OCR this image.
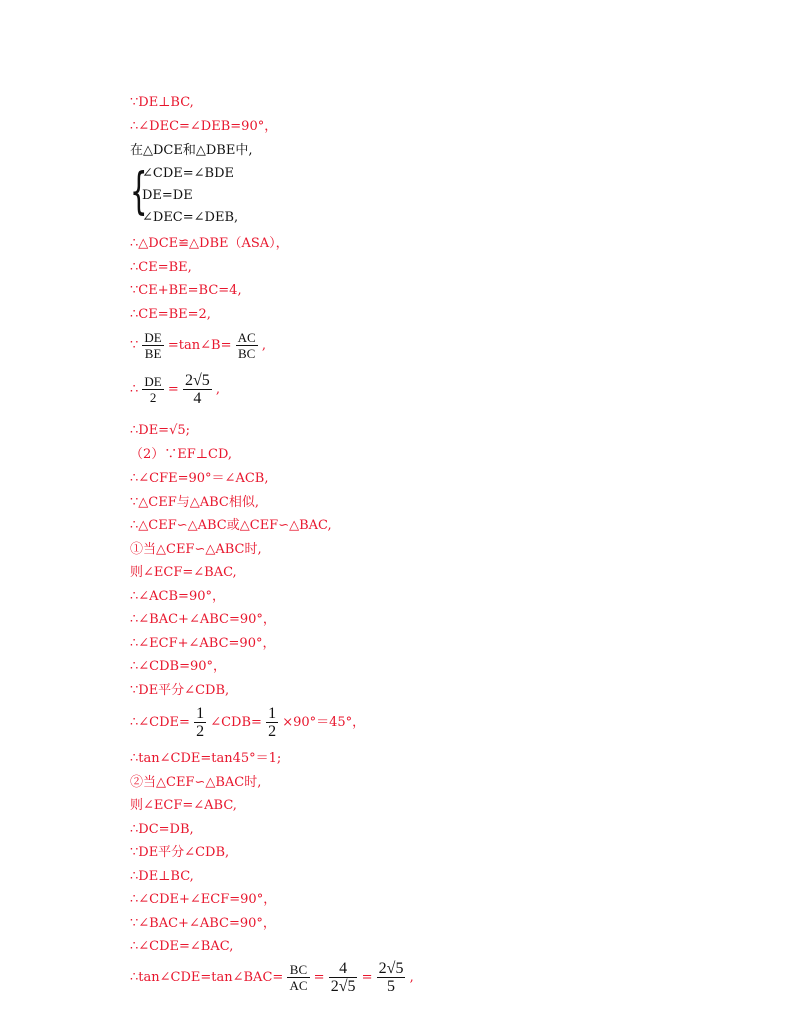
∵DE⊥BC,
∴∠DEC=∠DEB=90°，
在△DCE和△DBE中,
{
∠CDE=∠BDE
DE=DE
∠DEC=∠DEB,
∴△DCE≌△DBE（ASA），
∴CE=BE,
∵CE+BE=BC=4,
∴CE=BE=2,
∵ $\frac{DE}{BE}$ =tan∠B= $\frac{AC}{BC}$ ,
∴ $\frac{DE}{2} = \frac{2√5}{4}$ ,
∴DE=√5;
（2）∵EF⊥CD,
∴∠CFE=90°＝∠ACB,
∵△CEF与△ABC相似,
∴△CEF∽△ABC或△CEF∽△BAC,
①当△CEF∽△ABC时,
则∠ECF=∠BAC,
∴∠ACB=90°，
∴∠BAC+∠ABC=90°，
∴∠ECF+∠ABC=90°，
∴∠CDB=90°，
∵DE平分∠CDB,
∴∠CDE= $\frac{1}{2}$ ∠CDB= $\frac{1}{2} \times 90^\circ=45^\circ$，
∴tan∠CDE=tan45°＝1;
②当△CEF∽△BAC时,
则∠ECF=∠ABC,
∴DC=DB,
∵DE平分∠CDB,
∴DE⊥BC,
∴∠CDE+∠ECF=90°，
∵∠BAC+∠ABC=90°，
∴∠CDE=∠BAC,
∴tan∠CDE=tan∠BAC= $\frac{BC}{AC} = \frac{4}{2√5} = \frac{2√5}{5}$ ,
